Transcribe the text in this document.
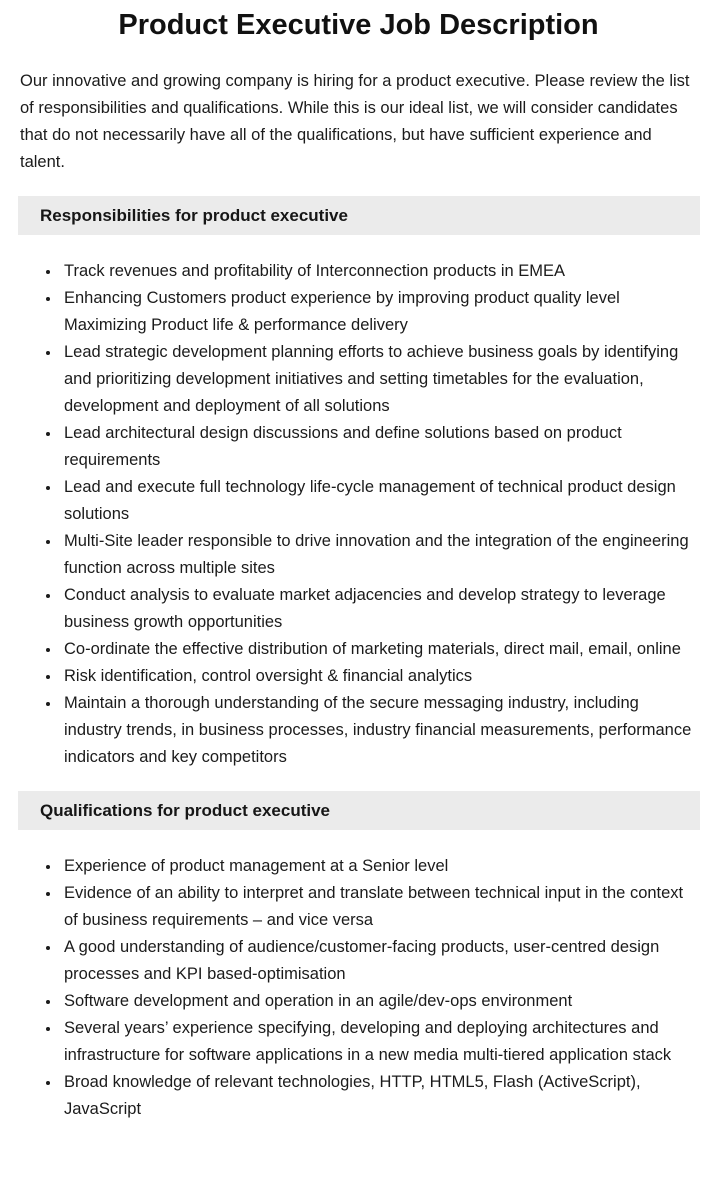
Product Executive Job Description

Our innovative and growing company is hiring for a product executive. Please review the list of responsibilities and qualifications. While this is our ideal list, we will consider candidates that do not necessarily have all of the qualifications, but have sufficient experience and talent.

Responsibilities for product executive
• Track revenues and profitability of Interconnection products in EMEA
• Enhancing Customers product experience by improving product quality level Maximizing Product life & performance delivery
• Lead strategic development planning efforts to achieve business goals by identifying and prioritizing development initiatives and setting timetables for the evaluation, development and deployment of all solutions
• Lead architectural design discussions and define solutions based on product requirements
• Lead and execute full technology life-cycle management of technical product design solutions
• Multi-Site leader responsible to drive innovation and the integration of the engineering function across multiple sites
• Conduct analysis to evaluate market adjacencies and develop strategy to leverage business growth opportunities
• Co-ordinate the effective distribution of marketing materials, direct mail, email, online
• Risk identification, control oversight & financial analytics
• Maintain a thorough understanding of the secure messaging industry, including industry trends, in business processes, industry financial measurements, performance indicators and key competitors
Qualifications for product executive
• Experience of product management at a Senior level
• Evidence of an ability to interpret and translate between technical input in the context of business requirements – and vice versa
• A good understanding of audience/customer-facing products, user-centred design processes and KPI based-optimisation
• Software development and operation in an agile/dev-ops environment
• Several years’ experience specifying, developing and deploying architectures and infrastructure for software applications in a new media multi-tiered application stack
• Broad knowledge of relevant technologies, HTTP, HTML5, Flash (ActiveScript), JavaScript
